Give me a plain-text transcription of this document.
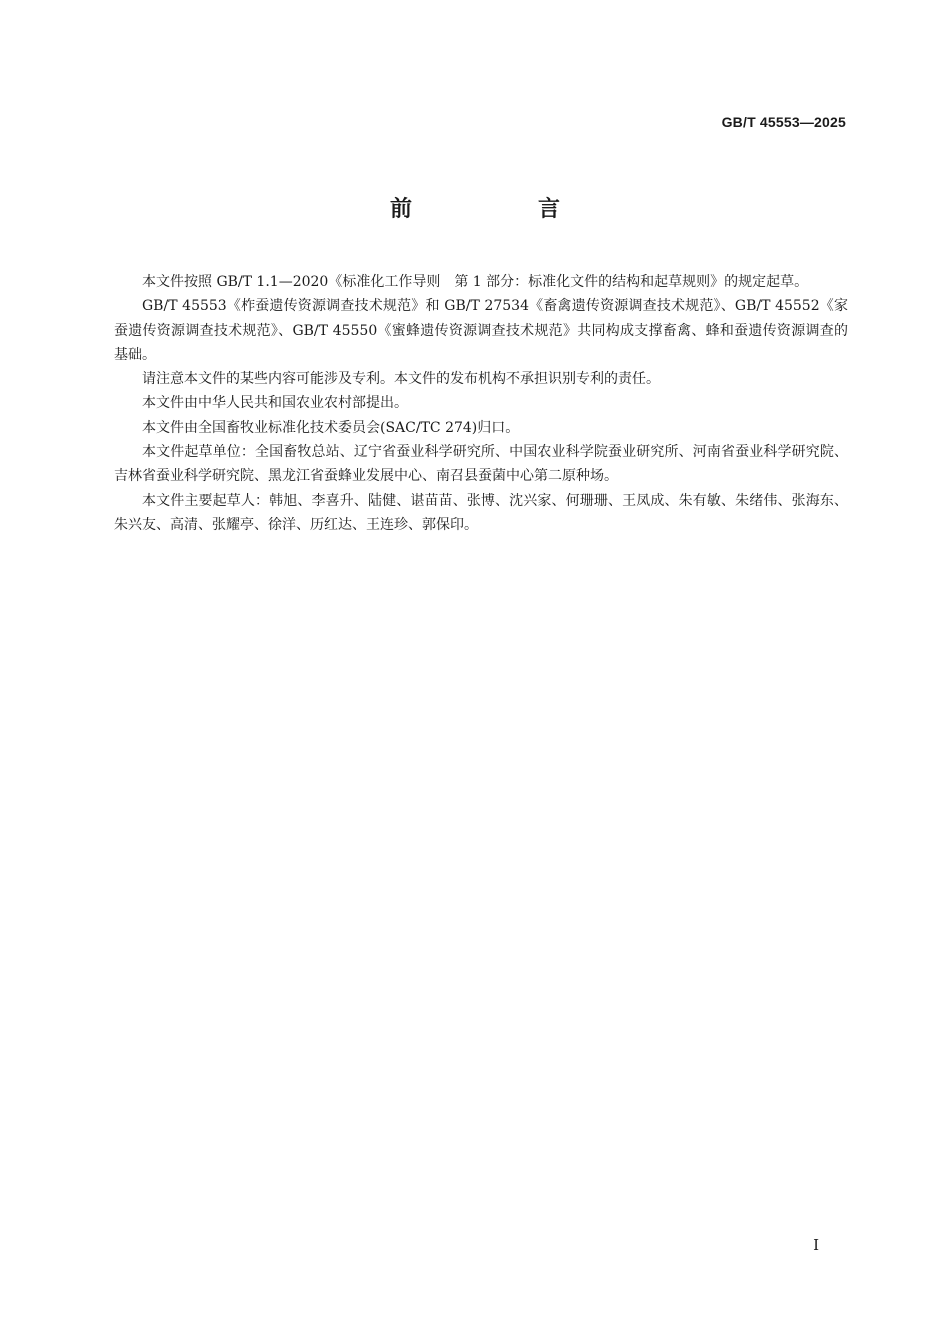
GB/T 45553—2025
前　言

本文件按照 GB/T 1.1—2020《标准化工作导则　第 1 部分：标准化文件的结构和起草规则》的规定起草。

GB/T 45553《柞蚕遗传资源调查技术规范》和 GB/T 27534《畜禽遗传资源调查技术规范》、GB/T 45552《家蚕遗传资源调查技术规范》、GB/T 45550《蜜蜂遗传资源调查技术规范》共同构成支撑畜禽、蜂和蚕遗传资源调查的基础。

请注意本文件的某些内容可能涉及专利。本文件的发布机构不承担识别专利的责任。

本文件由中华人民共和国农业农村部提出。

本文件由全国畜牧业标准化技术委员会(SAC/TC 274)归口。

本文件起草单位：全国畜牧总站、辽宁省蚕业科学研究所、中国农业科学院蚕业研究所、河南省蚕业科学研究院、吉林省蚕业科学研究院、黑龙江省蚕蜂业发展中心、南召县蚕菌中心第二原种场。

本文件主要起草人：韩旭、李喜升、陆健、谌苗苗、张博、沈兴家、何珊珊、王凤成、朱有敏、朱绪伟、张海东、朱兴友、高清、张耀亭、徐洋、历红达、王连珍、郭保印。

I
